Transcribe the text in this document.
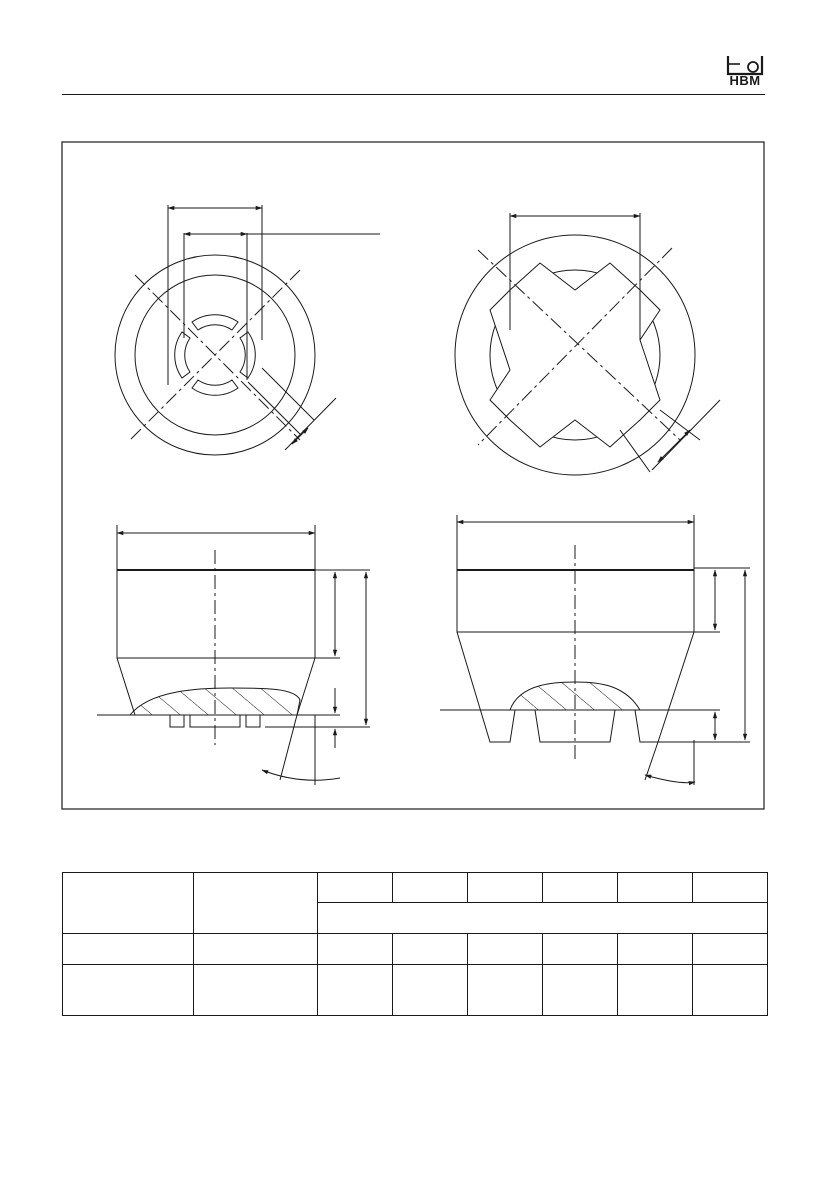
HBM
